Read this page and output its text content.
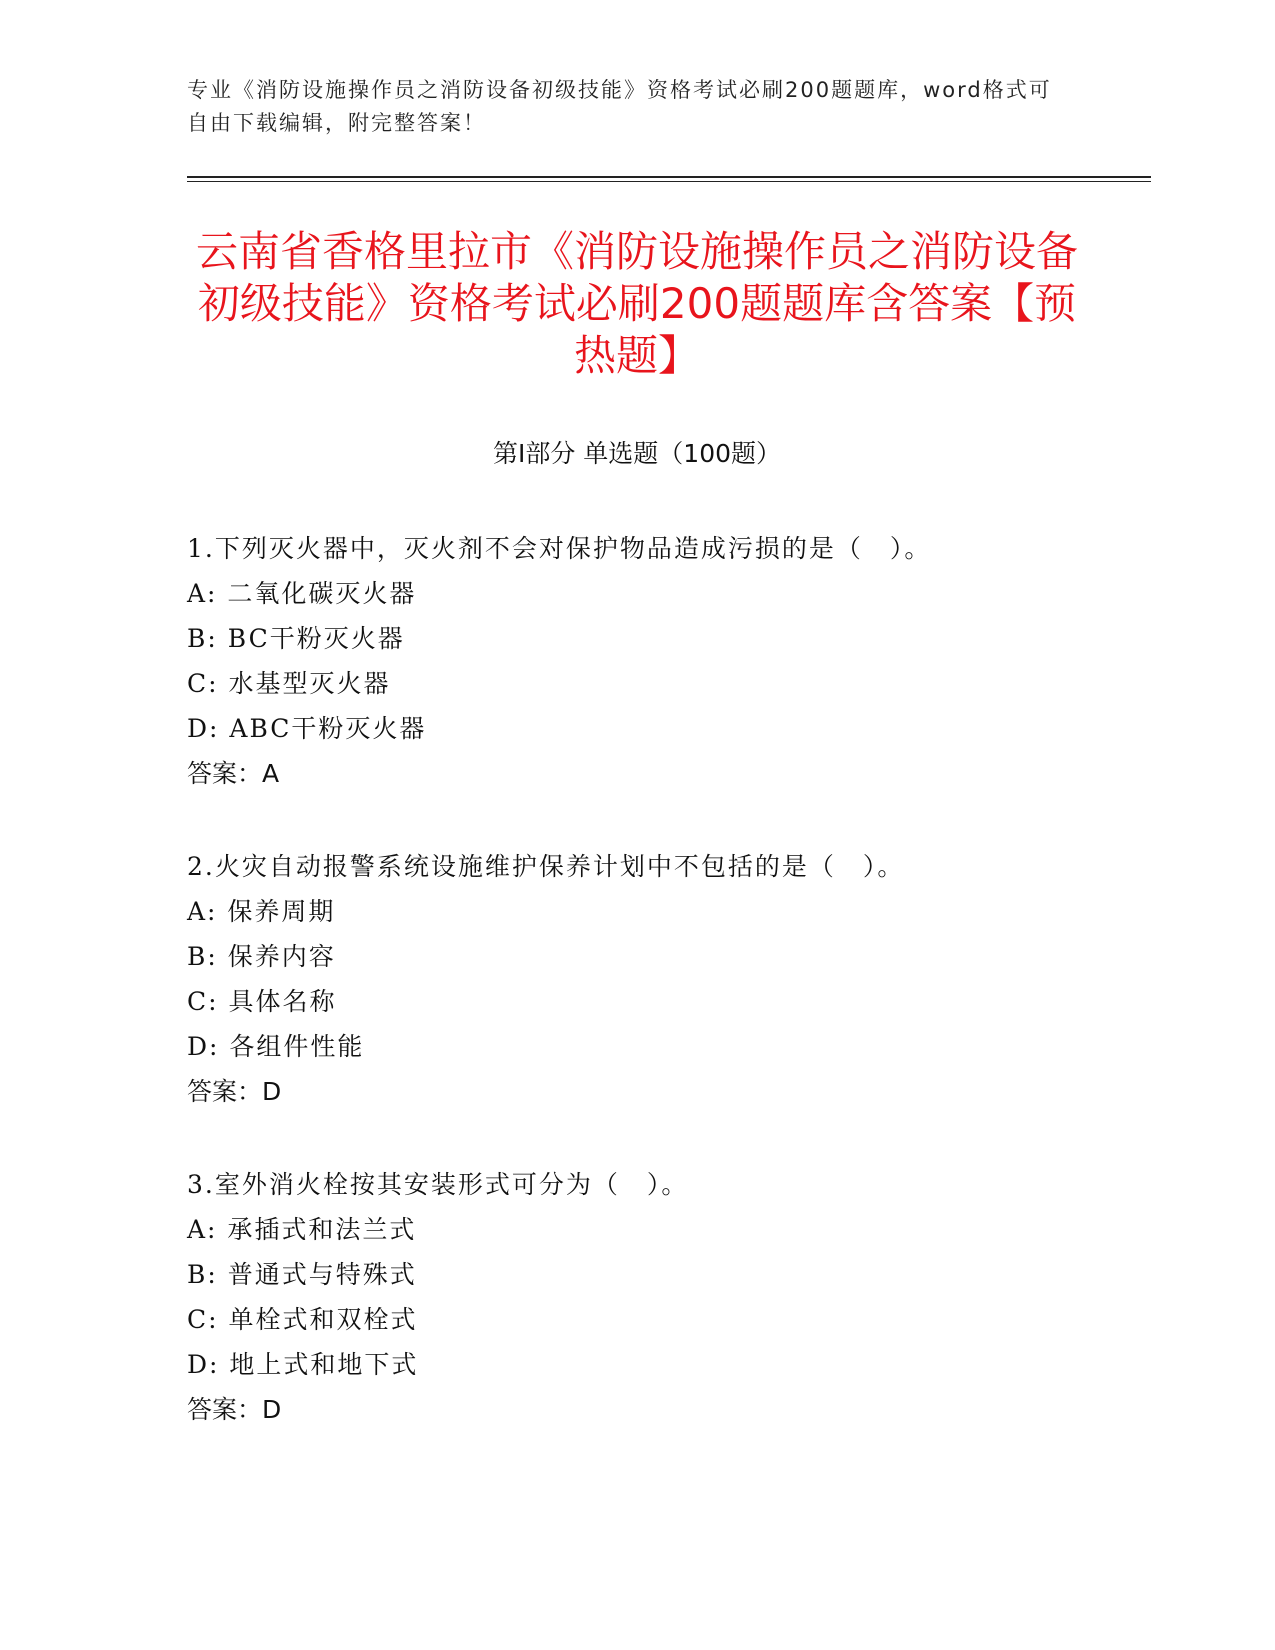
专业《消防设施操作员之消防设备初级技能》资格考试必刷200题题库，word格式可自由下载编辑，附完整答案！
云南省香格里拉市《消防设施操作员之消防设备初级技能》资格考试必刷200题题库含答案【预热题】
第Ⅰ部分 单选题（100题）
1.下列灭火器中，灭火剂不会对保护物品造成污损的是（　）。
A: 二氧化碳灭火器
B: BC干粉灭火器
C: 水基型灭火器
D: ABC干粉灭火器
答案：A
2.火灾自动报警系统设施维护保养计划中不包括的是（　）。
A: 保养周期
B: 保养内容
C: 具体名称
D: 各组件性能
答案：D
3.室外消火栓按其安装形式可分为（　）。
A: 承插式和法兰式
B: 普通式与特殊式
C: 单栓式和双栓式
D: 地上式和地下式
答案：D
